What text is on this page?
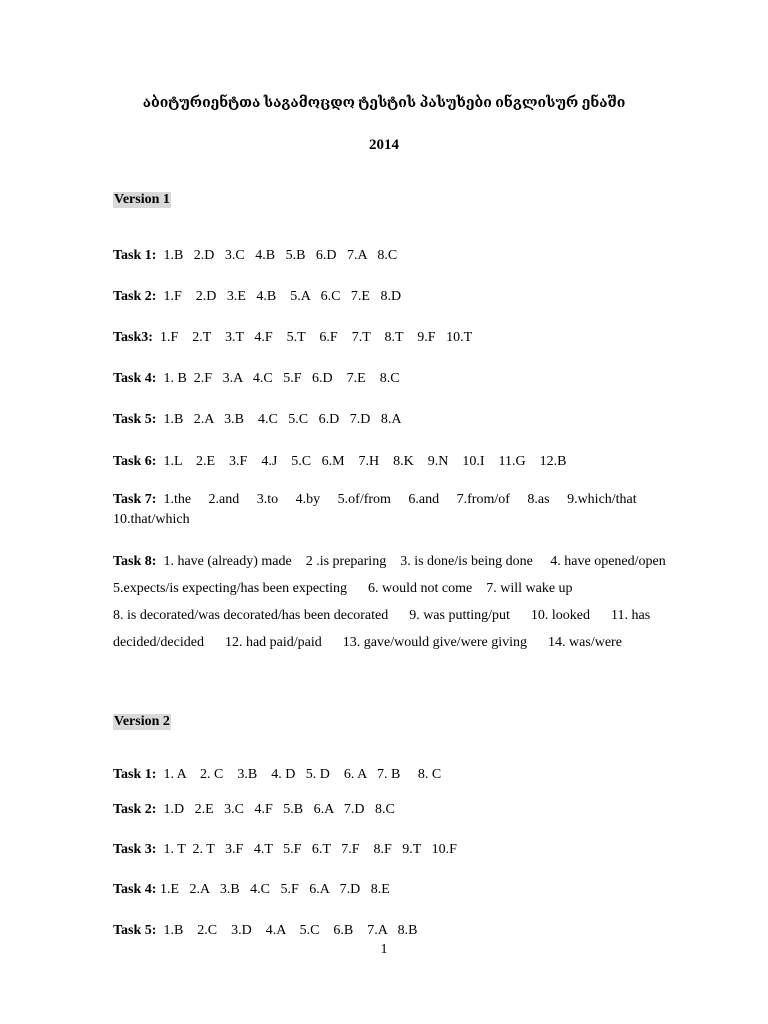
აბიტურიენტთა საგამოცდო ტესტის პასუხები ინგლისურ ენაში
2014
Version 1
Task 1:  1.B   2.D   3.C   4.B   5.B   6.D   7.A   8.C
Task 2:  1.F    2.D   3.E   4.B    5.A   6.C   7.E   8.D
Task3:  1.F    2.T    3.T   4.F    5.T    6.F    7.T    8.T    9.F   10.T
Task 4:  1. B  2.F   3.A   4.C   5.F   6.D    7.E    8.C
Task 5:  1.B   2.A   3.B    4.C   5.C   6.D   7.D   8.A
Task 6:  1.L    2.E    3.F    4.J    5.C   6.M    7.H    8.K    9.N    10.I    11.G    12.B
Task 7:  1.the     2.and     3.to     4.by     5.of/from     6.and     7.from/of     8.as     9.which/that
10.that/which
Task 8:  1. have (already) made    2 .is preparing    3. is done/is being done     4. have opened/open
5.expects/is expecting/has been expecting      6. would not come    7. will wake up
8. is decorated/was decorated/has been decorated      9. was putting/put      10. looked      11. has
decided/decided      12. had paid/paid      13. gave/would give/were giving      14. was/were
Version 2
Task 1:  1. A    2. C    3.B    4. D   5. D    6. A   7. B     8. C
Task 2:  1.D   2.E   3.C   4.F   5.B   6.A   7.D   8.C
Task 3:  1. T  2. T   3.F   4.T   5.F   6.T   7.F    8.F   9.T   10.F
Task 4: 1.E   2.A   3.B   4.C   5.F   6.A   7.D   8.E
Task 5:  1.B    2.C    3.D    4.A    5.C    6.B    7.A   8.B
1
